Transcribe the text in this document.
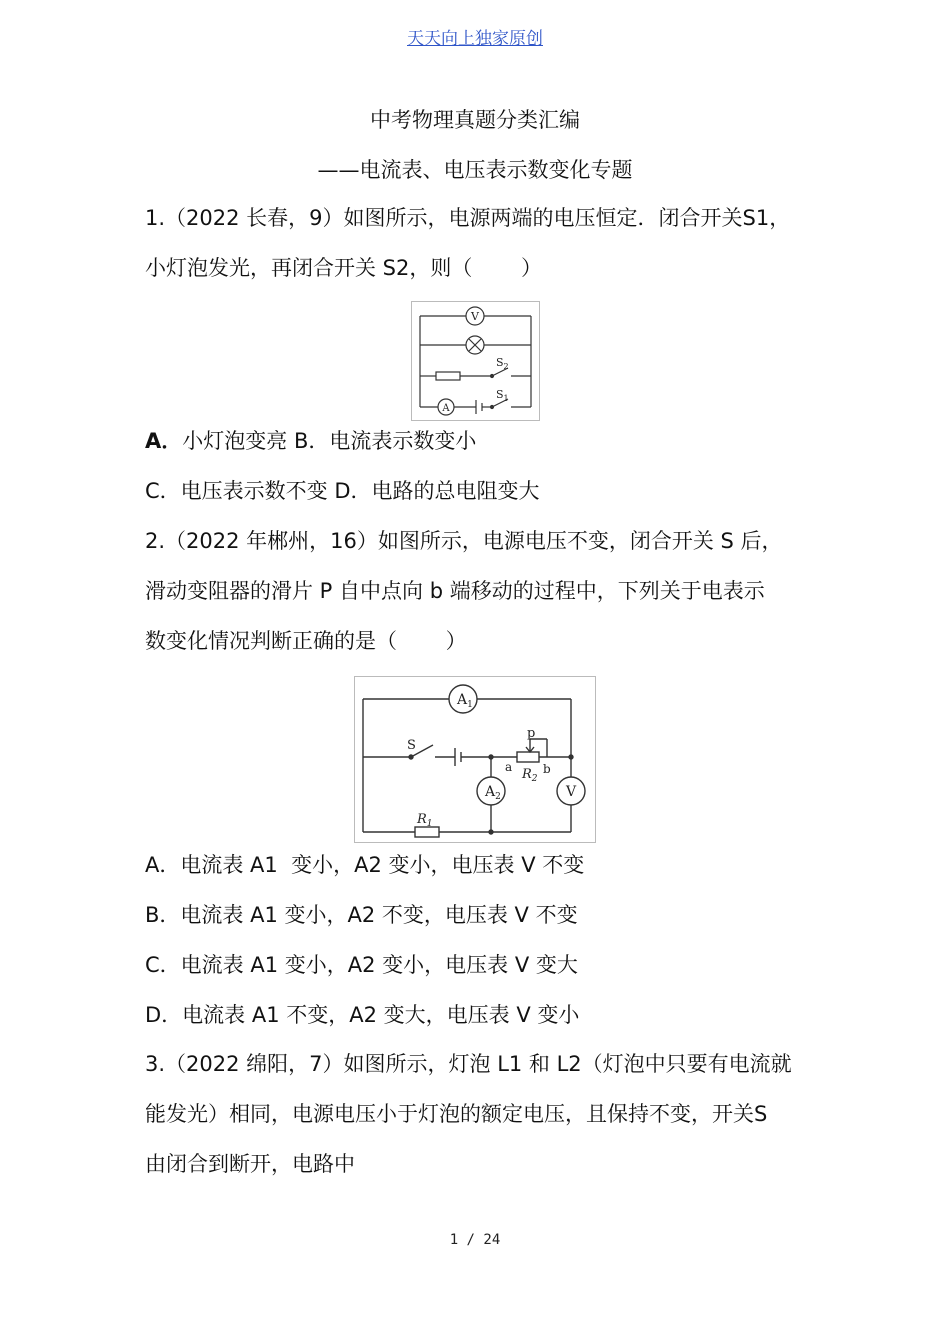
天天向上独家原创
中考物理真题分类汇编
——电流表、电压表示数变化专题
1.（2022 长春，9）如图所示，电源两端的电压恒定．闭合开关S1，
小灯泡发光，再闭合开关 S2，则（　　 ）
V
A
$S_2$
$S_1$
A．小灯泡变亮 B．电流表示数变小
C．电压表示数不变 D．电路的总电阻变大
2.（2022 年郴州，16）如图所示，电源电压不变，闭合开关 S 后，
滑动变阻器的滑片 P 自中点向 b 端移动的过程中，下列关于电表示
数变化情况判断正确的是（　　 ）
$A_1$
$A_2$	V
S
p
a	b
$R_2$
$R_1$
A．电流表 A1  变小，A2 变小，电压表 V 不变
B．电流表 A1 变小，A2 不变，电压表 V 不变
C．电流表 A1 变小，A2 变小，电压表 V 变大
D．电流表 A1 不变，A2 变大，电压表 V 变小
3.（2022 绵阳，7）如图所示，灯泡 L1 和 L2（灯泡中只要有电流就
能发光）相同，电源电压小于灯泡的额定电压，且保持不变，开关S
由闭合到断开，电路中
1 / 24
